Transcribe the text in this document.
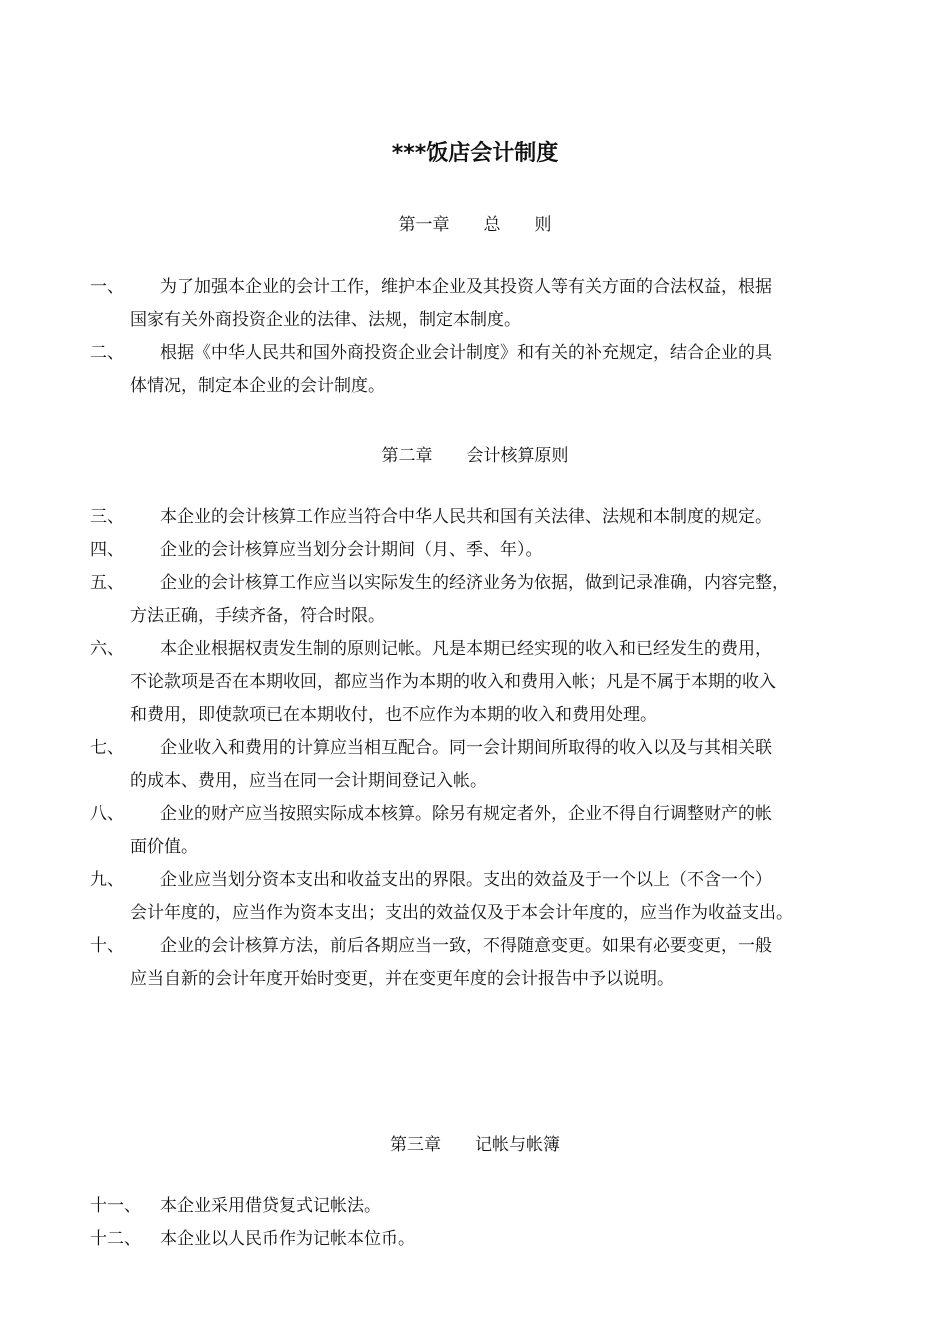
***饭店会计制度
第一章　　总　　则
一、	为了加强本企业的会计工作，维护本企业及其投资人等有关方面的合法权益，根据
国家有关外商投资企业的法律、法规，制定本制度。
二、	根据《中华人民共和国外商投资企业会计制度》和有关的补充规定，结合企业的具
体情况，制定本企业的会计制度。
第二章　　会计核算原则
三、	本企业的会计核算工作应当符合中华人民共和国有关法律、法规和本制度的规定。
四、	企业的会计核算应当划分会计期间（月、季、年）。
五、	企业的会计核算工作应当以实际发生的经济业务为依据，做到记录准确，内容完整，
方法正确，手续齐备，符合时限。
六、	本企业根据权责发生制的原则记帐。凡是本期已经实现的收入和已经发生的费用，
不论款项是否在本期收回，都应当作为本期的收入和费用入帐；凡是不属于本期的收入
和费用，即使款项已在本期收付，也不应作为本期的收入和费用处理。
七、	企业收入和费用的计算应当相互配合。同一会计期间所取得的收入以及与其相关联
的成本、费用，应当在同一会计期间登记入帐。
八、	企业的财产应当按照实际成本核算。除另有规定者外，企业不得自行调整财产的帐
面价值。
九、	企业应当划分资本支出和收益支出的界限。支出的效益及于一个以上（不含一个）
会计年度的，应当作为资本支出；支出的效益仅及于本会计年度的，应当作为收益支出。
十、	企业的会计核算方法，前后各期应当一致，不得随意变更。如果有必要变更，一般
应当自新的会计年度开始时变更，并在变更年度的会计报告中予以说明。
第三章　　记帐与帐簿
十一、	本企业采用借贷复式记帐法。
十二、	本企业以人民币作为记帐本位币。
